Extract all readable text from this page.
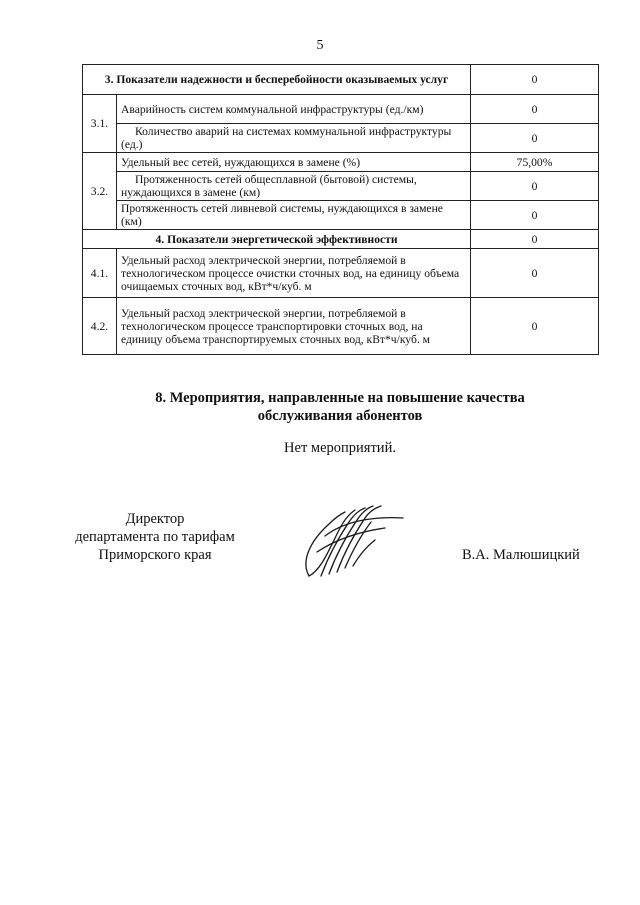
5
3. Показатели надежности и бесперебойности оказываемых услуг		0
3.1.	Аварийность систем коммунальной инфраструктуры (ед./км)	0
	Количество аварий на системах коммунальной инфраструктуры (ед.)	0
3.2.	Удельный вес сетей, нуждающихся в замене (%)	75,00%
	Протяженность сетей общесплавной (бытовой) системы, нуждающихся в замене (км)	0
	Протяженность сетей ливневой системы, нуждающихся в замене (км)	0
4. Показатели энергетической эффективности		0
4.1.	Удельный расход электрической энергии, потребляемой в технологическом процессе очистки сточных вод, на единицу объема очищаемых сточных вод, кВт*ч/куб. м	0
4.2.	Удельный расход электрической энергии, потребляемой в технологическом процессе транспортировки сточных вод, на единицу объема транспортируемых сточных вод, кВт*ч/куб. м	0
8. Мероприятия, направленные на повышение качества
обслуживания абонентов
Нет мероприятий.
Директор
департамента по тарифам
Приморского края	В.А. Малюшицкий
